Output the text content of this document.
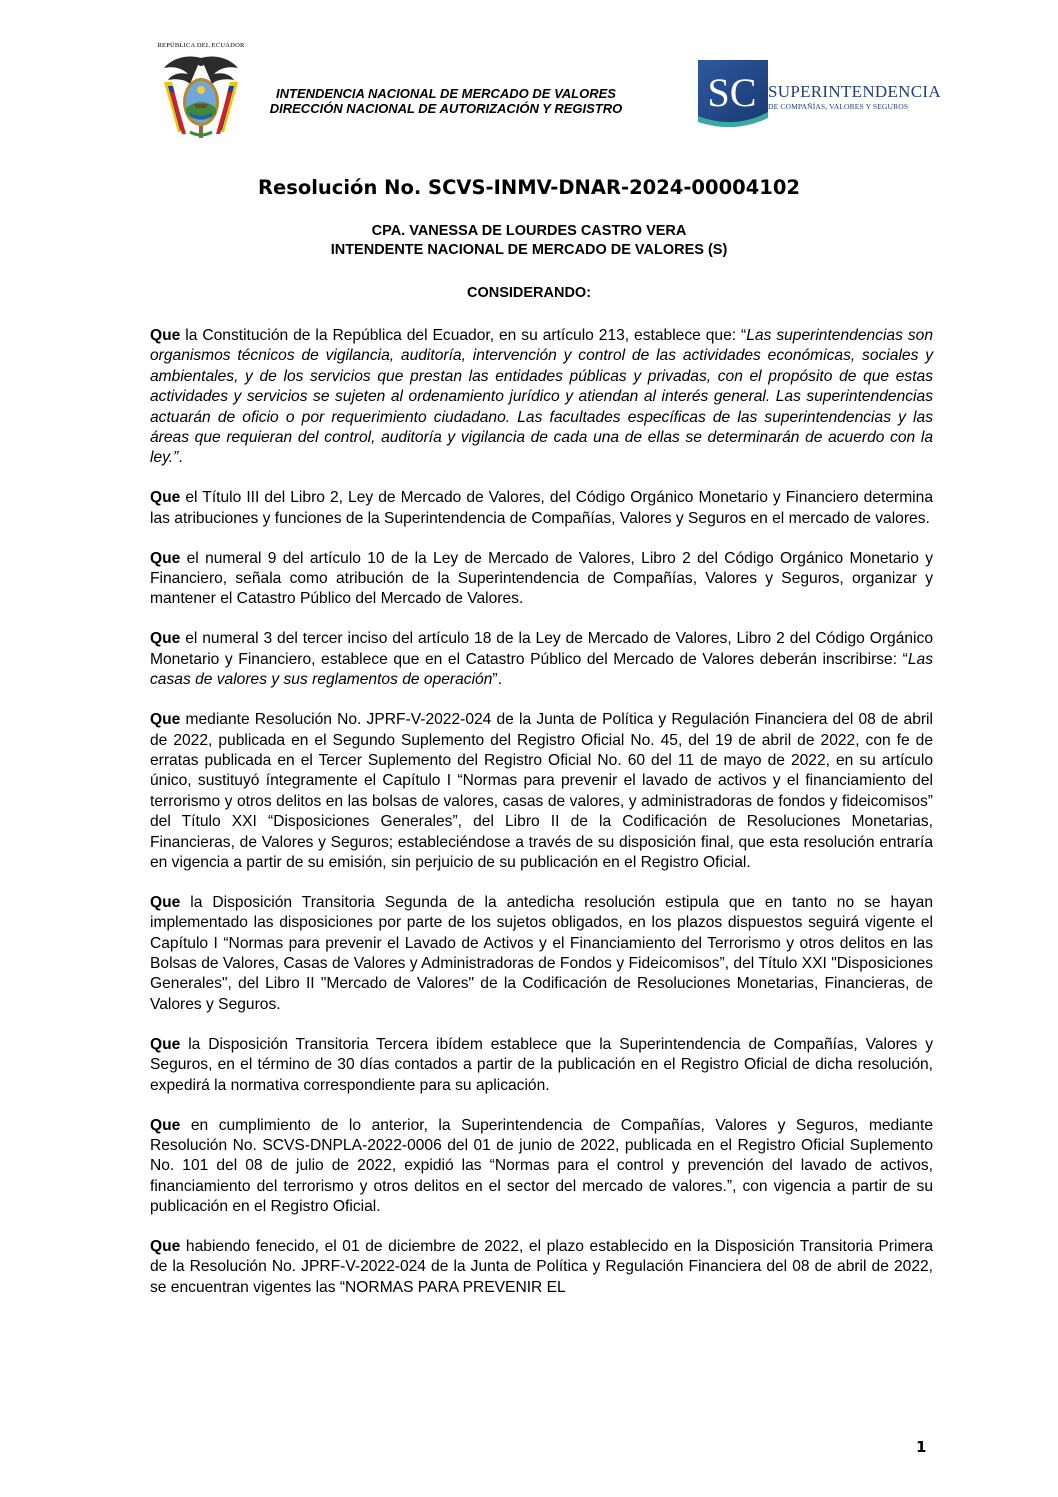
REPÚBLICA DEL ECUADOR
INTENDENCIA NACIONAL DE MERCADO DE VALORES
DIRECCIÓN NACIONAL DE AUTORIZACIÓN Y REGISTRO	SC SUPERINTENDENCIA
DE COMPAÑÍAS, VALORES Y SEGUROS
Resolución No. SCVS-INMV-DNAR-2024-00004102
CPA. VANESSA DE LOURDES CASTRO VERA
INTENDENTE NACIONAL DE MERCADO DE VALORES (S)
CONSIDERANDO:

Que la Constitución de la República del Ecuador, en su artículo 213, establece que: “Las superintendencias son organismos técnicos de vigilancia, auditoría, intervención y control de las actividades económicas, sociales y ambientales, y de los servicios que prestan las entidades públicas y privadas, con el propósito de que estas actividades y servicios se sujeten al ordenamiento jurídico y atiendan al interés general. Las superintendencias actuarán de oficio o por requerimiento ciudadano. Las facultades específicas de las superintendencias y las áreas que requieran del control, auditoría y vigilancia de cada una de ellas se determinarán de acuerdo con la ley.”.

Que el Título III del Libro 2, Ley de Mercado de Valores, del Código Orgánico Monetario y Financiero determina las atribuciones y funciones de la Superintendencia de Compañías, Valores y Seguros en el mercado de valores.

Que el numeral 9 del artículo 10 de la Ley de Mercado de Valores, Libro 2 del Código Orgánico Monetario y Financiero, señala como atribución de la Superintendencia de Compañías, Valores y Seguros, organizar y mantener el Catastro Público del Mercado de Valores.

Que el numeral 3 del tercer inciso del artículo 18 de la Ley de Mercado de Valores, Libro 2 del Código Orgánico Monetario y Financiero, establece que en el Catastro Público del Mercado de Valores deberán inscribirse: “Las casas de valores y sus reglamentos de operación”.

Que mediante Resolución No. JPRF-V-2022-024 de la Junta de Política y Regulación Financiera del 08 de abril de 2022, publicada en el Segundo Suplemento del Registro Oficial No. 45, del 19 de abril de 2022, con fe de erratas publicada en el Tercer Suplemento del Registro Oficial No. 60 del 11 de mayo de 2022, en su artículo único, sustituyó íntegramente el Capítulo I “Normas para prevenir el lavado de activos y el financiamiento del terrorismo y otros delitos en las bolsas de valores, casas de valores, y administradoras de fondos y fideicomisos” del Título XXI “Disposiciones Generales”, del Libro II de la Codificación de Resoluciones Monetarias, Financieras, de Valores y Seguros; estableciéndose a través de su disposición final, que esta resolución entraría en vigencia a partir de su emisión, sin perjuicio de su publicación en el Registro Oficial.

Que la Disposición Transitoria Segunda de la antedicha resolución estipula que en tanto no se hayan implementado las disposiciones por parte de los sujetos obligados, en los plazos dispuestos seguirá vigente el Capítulo I “Normas para prevenir el Lavado de Activos y el Financiamiento del Terrorismo y otros delitos en las Bolsas de Valores, Casas de Valores y Administradoras de Fondos y Fideicomisos”, del Título XXI "Disposiciones Generales", del Libro II "Mercado de Valores" de la Codificación de Resoluciones Monetarias, Financieras, de Valores y Seguros.

Que la Disposición Transitoria Tercera ibídem establece que la Superintendencia de Compañías, Valores y Seguros, en el término de 30 días contados a partir de la publicación en el Registro Oficial de dicha resolución, expedirá la normativa correspondiente para su aplicación.

Que en cumplimiento de lo anterior, la Superintendencia de Compañías, Valores y Seguros, mediante Resolución No. SCVS-DNPLA-2022-0006 del 01 de junio de 2022, publicada en el Registro Oficial Suplemento No. 101 del 08 de julio de 2022, expidió las “Normas para el control y prevención del lavado de activos, financiamiento del terrorismo y otros delitos en el sector del mercado de valores.”, con vigencia a partir de su publicación en el Registro Oficial.

Que habiendo fenecido, el 01 de diciembre de 2022, el plazo establecido en la Disposición Transitoria Primera de la Resolución No. JPRF-V-2022-024 de la Junta de Política y Regulación Financiera del 08 de abril de 2022, se encuentran vigentes las “NORMAS PARA PREVENIR EL

1
